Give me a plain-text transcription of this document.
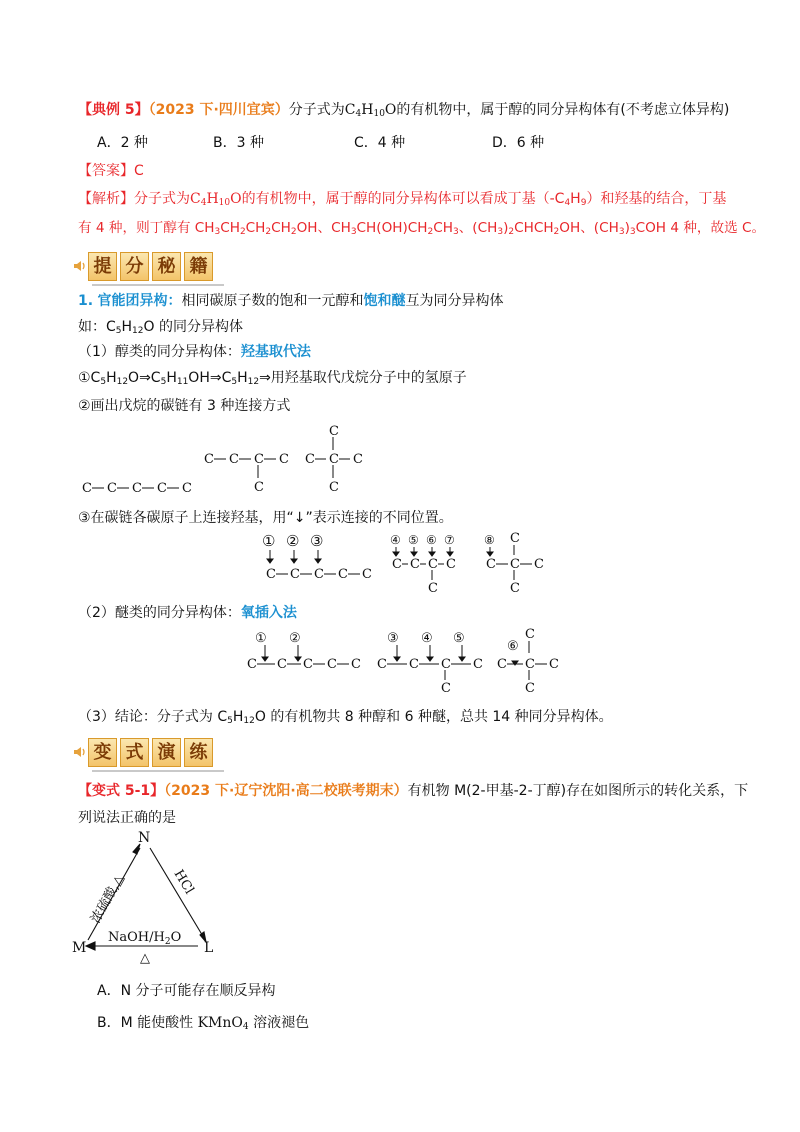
【典例 5】（2023 下·四川宜宾）分子式为$C_4H_{10}O$的有机物中，属于醇的同分异构体有(不考虑立体异构)
A．2 种	B．3 种	C．4 种	D．6 种
【答案】C
【解析】分子式为$C_4H_{10}O$的有机物中，属于醇的同分异构体可以看成丁基$(-C_4H_9)$和羟基的结合，丁基
有 4 种，则丁醇有 $CH_3CH_2CH_2CH_2OH$、$CH_3CH(OH)CH_2CH_3$、$(CH_3)_2CHCH_2OH$、$(CH_3)_3COH$ 4 种，故选 C。
提 分 秘 籍
1. 官能团异构：相同碳原子数的饱和一元醇和饱和醚互为同分异构体
如：$C_5H_{12}O$ 的同分异构体
（1）醇类的同分异构体：羟基取代法
$①C_5H_{12}O\Rightarrow C_5H_{11}OH\Rightarrow C_5H_{12}\Rightarrow$用羟基取代戊烷分子中的氢原子
②画出戊烷的碳链有 3 种连接方式
C C C C C
C C C C
C
C C C
C
C
③在碳链各碳原子上连接羟基，用“↓”表示连接的不同位置。
① ② ③
C C C C C
④ ⑤ ⑥ ⑦
C C C C
C
⑧
C C C
C
C
（2）醚类的同分异构体：氧插入法
① ②
C C C C C
③ ④ ⑤
C C C C
C
⑥
C C C
C
C
（3）结论：分子式为 $C_5H_{12}O$ 的有机物共 8 种醇和 6 种醚，总共 14 种同分异构体。
变 式 演 练
【变式 5-1】（2023 下·辽宁沈阳·高二校联考期末）有机物 M(2-甲基-2-丁醇)存在如图所示的转化关系，下
列说法正确的是
N
M	L
浓硫酸,△	HCl
NaOH/$H_2O$
△
A．N 分子可能存在顺反异构
B．M 能使酸性 KMnO$_4$ 溶液褪色
